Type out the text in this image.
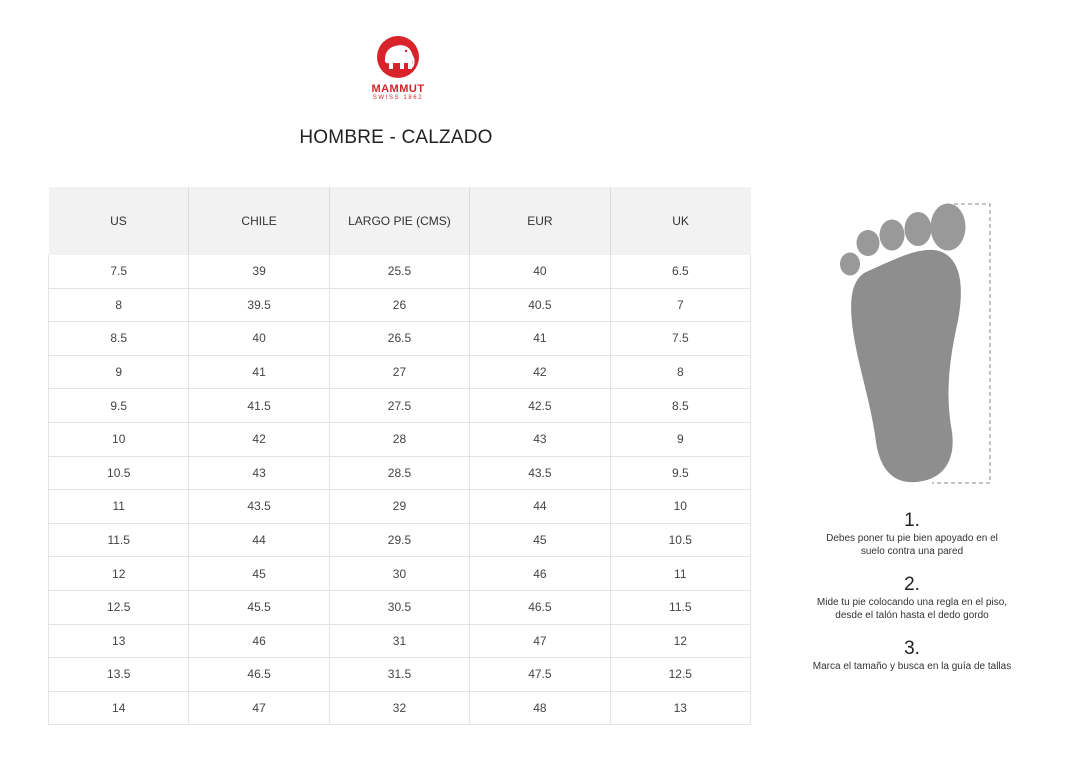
MAMMUT
SWISS 1862
HOMBRE - CALZADO
US	CHILE	LARGO PIE (CMS)	EUR	UK
7.5	39	25.5	40	6.5
8	39.5	26	40.5	7
8.5	40	26.5	41	7.5
9	41	27	42	8
9.5	41.5	27.5	42.5	8.5
10	42	28	43	9
10.5	43	28.5	43.5	9.5
11	43.5	29	44	10
11.5	44	29.5	45	10.5
12	45	30	46	11
12.5	45.5	30.5	46.5	11.5
13	46	31	47	12
13.5	46.5	31.5	47.5	12.5
14	47	32	48	13
1.
Debes poner tu pie bien apoyado en el
suelo contra una pared
2.
Mide tu pie colocando una regla en el piso,
desde el talón hasta el dedo gordo
3.
Marca el tamaño y busca en la guía de tallas
